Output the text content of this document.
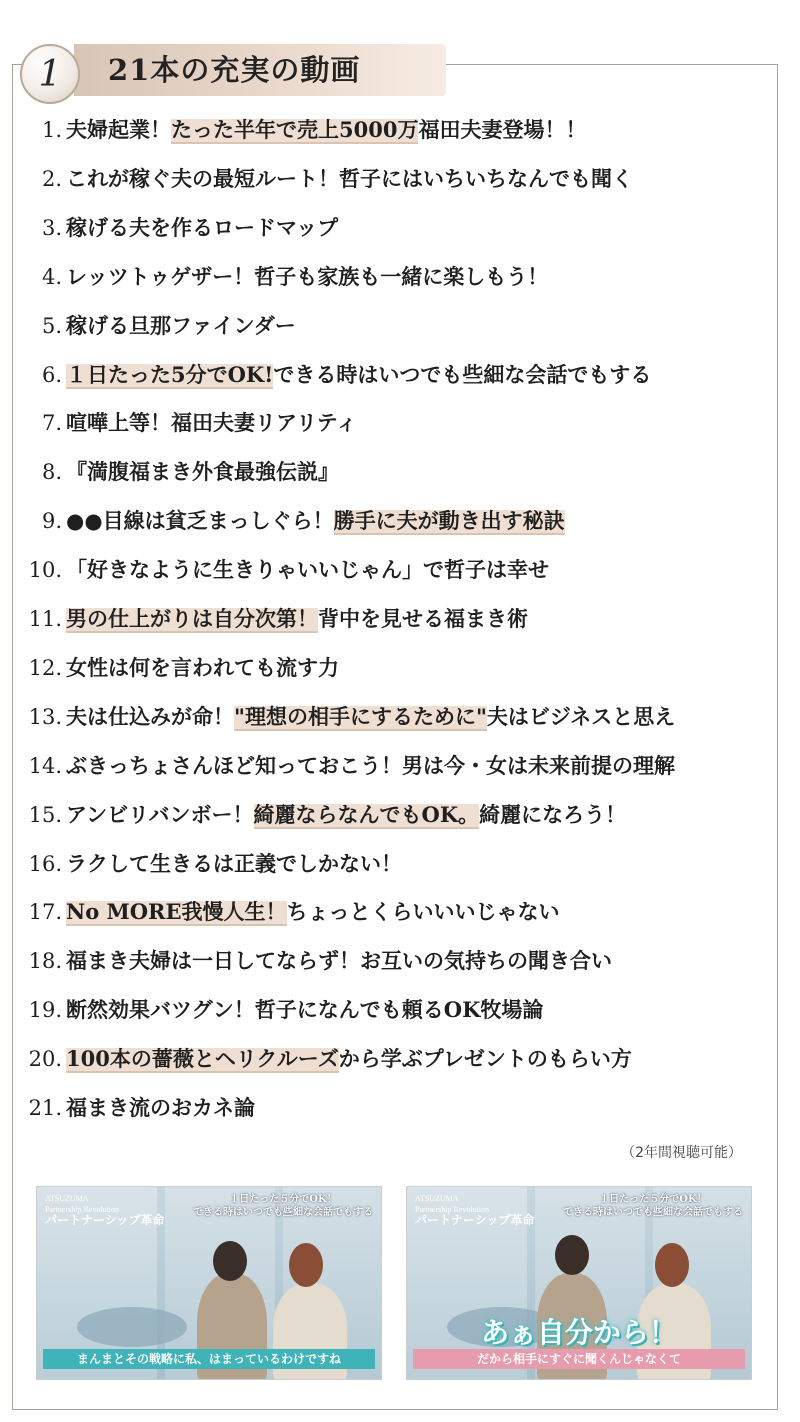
1	21本の充実の動画
1. 夫婦起業！たった半年で売上5000万福田夫妻登場！！
2. これが稼ぐ夫の最短ルート！哲子にはいちいちなんでも聞く
3. 稼げる夫を作るロードマップ
4. レッツトゥゲザー！哲子も家族も一緒に楽しもう！
5. 稼げる旦那ファインダー
6. １日たった5分でOK!できる時はいつでも些細な会話でもする
7. 喧嘩上等！福田夫妻リアリティ
8. 『満腹福まき外食最強伝説』
9. ●●目線は貧乏まっしぐら！勝手に夫が動き出す秘訣
10. 「好きなように生きりゃいいじゃん」で哲子は幸せ
11. 男の仕上がりは自分次第！背中を見せる福まき術
12. 女性は何を言われても流す力
13. 夫は仕込みが命！"理想の相手にするために"夫はビジネスと思え
14. ぶきっちょさんほど知っておこう！男は今・女は未来前提の理解
15. アンビリバンボー！綺麗ならなんでもOK。綺麗になろう！
16. ラクして生きるは正義でしかない！
17. No MORE我慢人生！ちょっとくらいいいじゃない
18. 福まき夫婦は一日してならず！お互いの気持ちの聞き合い
19. 断然効果バツグン！哲子になんでも頼るOK牧場論
20. 100本の薔薇とヘリクルーズから学ぶプレゼントのもらい方
21. 福まき流のおカネ論
（2年間視聴可能）
ATSUZUMA
Partnership Revolution
パートナーシップ革命
１日たった５分でOK！
できる時はいつでも些細な会話でもする
まんまとその戦略に私、はまっているわけですね
ATSUZUMA
Partnership Revolution
パートナーシップ革命
１日たった５分でOK！
できる時はいつでも些細な会話でもする
あぁ自分から！
だから相手にすぐに聞くんじゃなくて
